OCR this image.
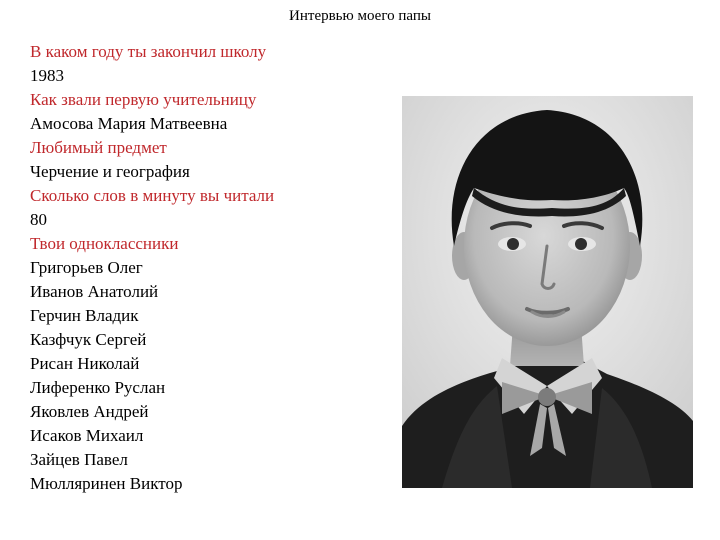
Интервью моего папы
В каком году ты закончил школу
1983
Как звали первую учительницу
Амосова Мария Матвеевна
Любимый предмет
Черчение и география
Сколько слов в минуту вы читали
80
Твои одноклассники
Григорьев Олег
Иванов Анатолий
Герчин Владик
Казфчук Сергей
Рисан Николай
Лиференко Руслан
Яковлев Андрей
Исаков Михаил
Зайцев Павел
Мюлляринен Виктор
